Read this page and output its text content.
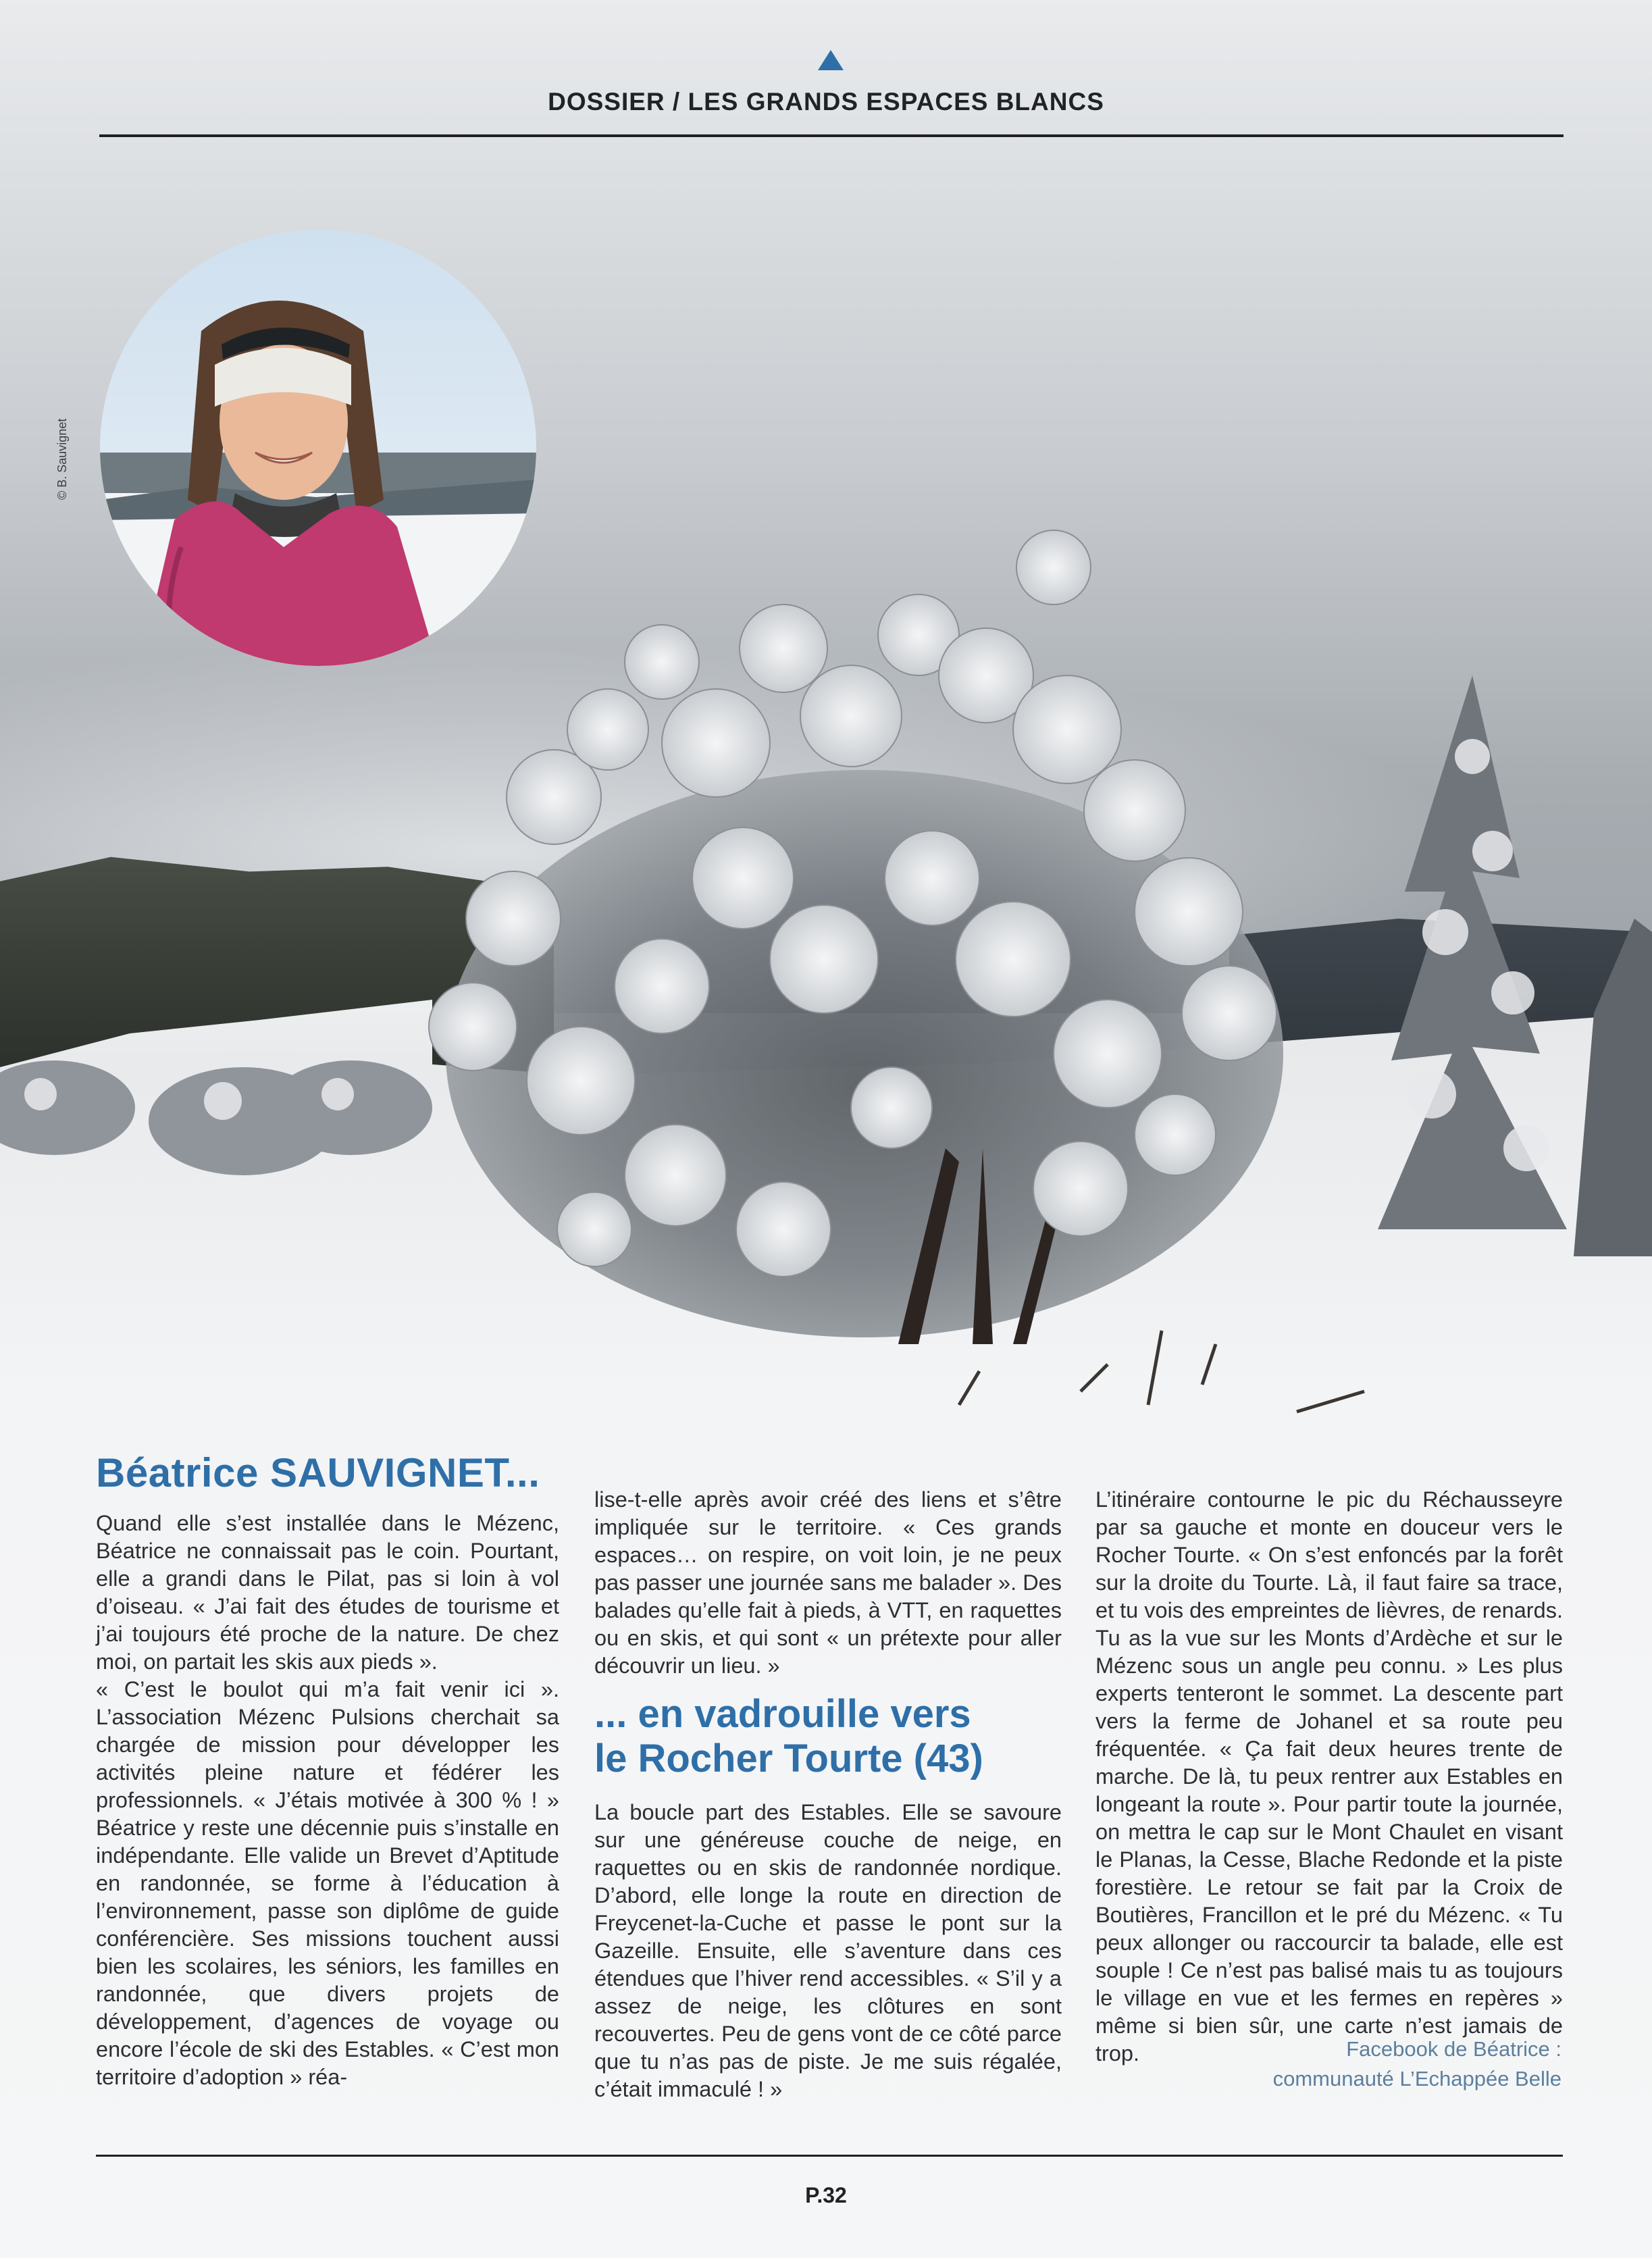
DOSSIER / LES GRANDS ESPACES BLANCS
© B. Sauvignet
Béatrice SAUVIGNET...

Quand elle s’est installée dans le Mézenc, Béatrice ne connaissait pas le coin. Pourtant, elle a grandi dans le Pilat, pas si loin à vol d’oiseau. « J’ai fait des études de tourisme et j’ai toujours été proche de la nature. De chez moi, on partait les skis aux pieds ».

« C’est le boulot qui m’a fait venir ici ». L’association Mézenc Pulsions cherchait sa chargée de mission pour développer les activités pleine nature et fédérer les professionnels. « J’étais motivée à 300 % ! » Béatrice y reste une décennie puis s’installe en indépendante. Elle valide un Brevet d’Aptitude en randonnée, se forme à l’éducation à l’environnement, passe son diplôme de guide conférencière. Ses missions touchent aussi bien les scolaires, les séniors, les familles en randonnée, que divers projets de développement, d’agences de voyage ou encore l’école de ski des Estables. « C’est mon territoire d’adoption » réa-

lise-t-elle après avoir créé des liens et s’être impliquée sur le territoire. « Ces grands espaces… on respire, on voit loin, je ne peux pas passer une journée sans me balader ». Des balades qu’elle fait à pieds, à VTT, en raquettes ou en skis, et qui sont « un prétexte pour aller découvrir un lieu. »

... en vadrouille vers
le Rocher Tourte (43)

La boucle part des Estables. Elle se savoure sur une généreuse couche de neige, en raquettes ou en skis de randonnée nordique. D’abord, elle longe la route en direction de Freycenet-la-Cuche et passe le pont sur la Gazeille. Ensuite, elle s’aventure dans ces étendues que l’hiver rend accessibles. « S’il y a assez de neige, les clôtures en sont recouvertes. Peu de gens vont de ce côté parce que tu n’as pas de piste. Je me suis régalée, c’était immaculé ! »

L’itinéraire contourne le pic du Réchausseyre par sa gauche et monte en douceur vers le Rocher Tourte. « On s’est enfoncés par la forêt sur la droite du Tourte. Là, il faut faire sa trace, et tu vois des empreintes de lièvres, de renards. Tu as la vue sur les Monts d’Ardèche et sur le Mézenc sous un angle peu connu. » Les plus experts tenteront le sommet. La descente part vers la ferme de Johanel et sa route peu fréquentée. « Ça fait deux heures trente de marche. De là, tu peux rentrer aux Estables en longeant la route ». Pour partir toute la journée, on mettra le cap sur le Mont Chaulet en visant le Planas, la Cesse, Blache Redonde et la piste forestière. Le retour se fait par la Croix de Boutières, Francillon et le pré du Mézenc. « Tu peux allonger ou raccourcir ta balade, elle est souple ! Ce n’est pas balisé mais tu as toujours le village en vue et les fermes en repères » même si bien sûr, une carte n’est jamais de trop.	Facebook de Béatrice :
communauté L’Echappée Belle
P.32
